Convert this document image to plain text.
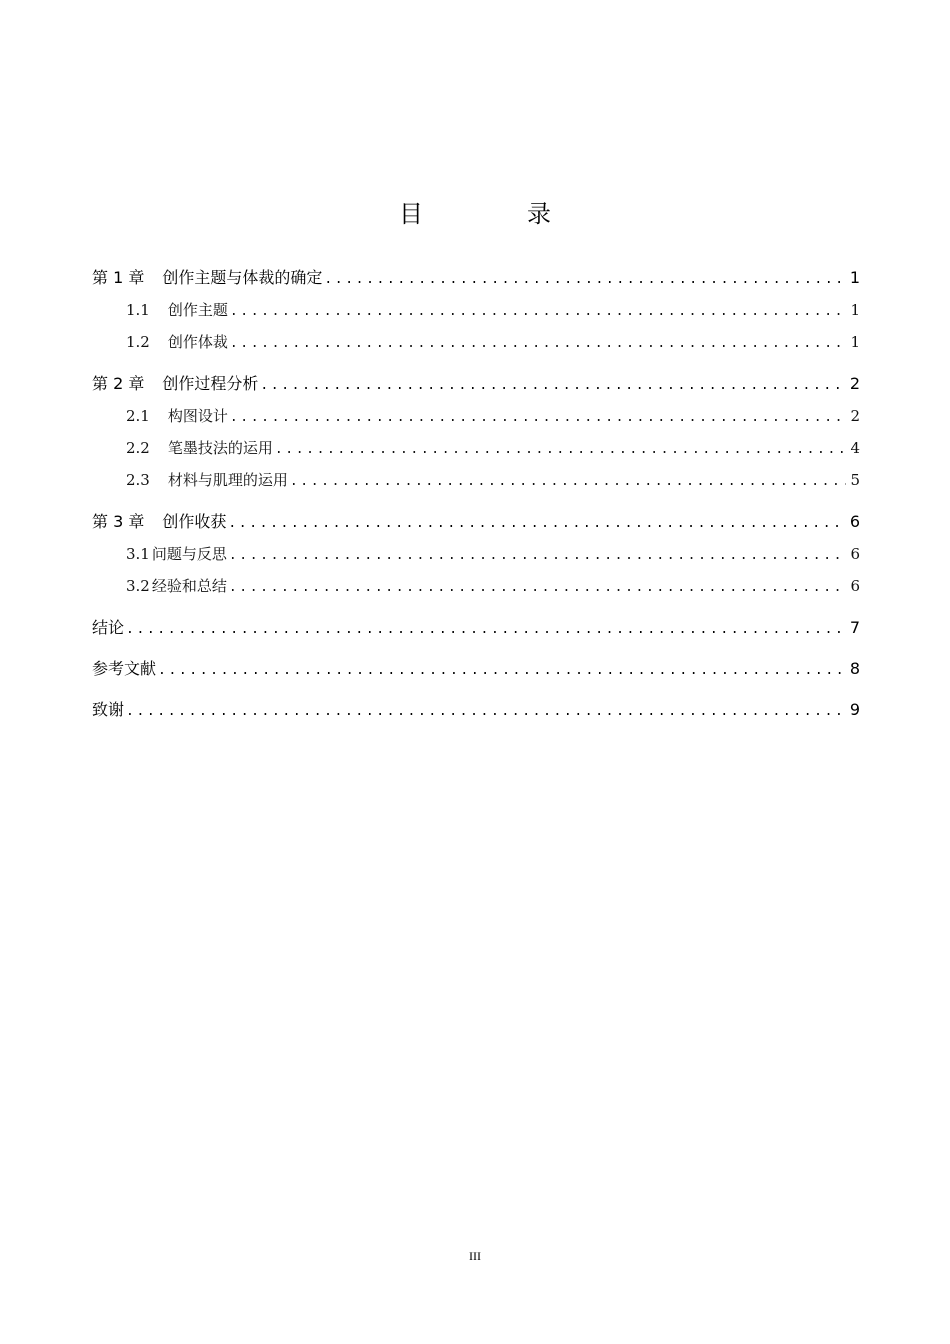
目　录
第 1 章 创作主题与体裁的确定 .....	1
1.1 创作主题 .....	1
1.2 创作体裁 .....	1
第 2 章 创作过程分析 .....	2
2.1 构图设计 .....	2
2.2 笔墨技法的运用 .....	4
2.3 材料与肌理的运用 .....	5
第 3 章 创作收获 .....	6
3.1 问题与反思 .....	6
3.2 经验和总结 .....	6
结论 .....	7
参考文献 .....	8
致谢 .....	9
III
